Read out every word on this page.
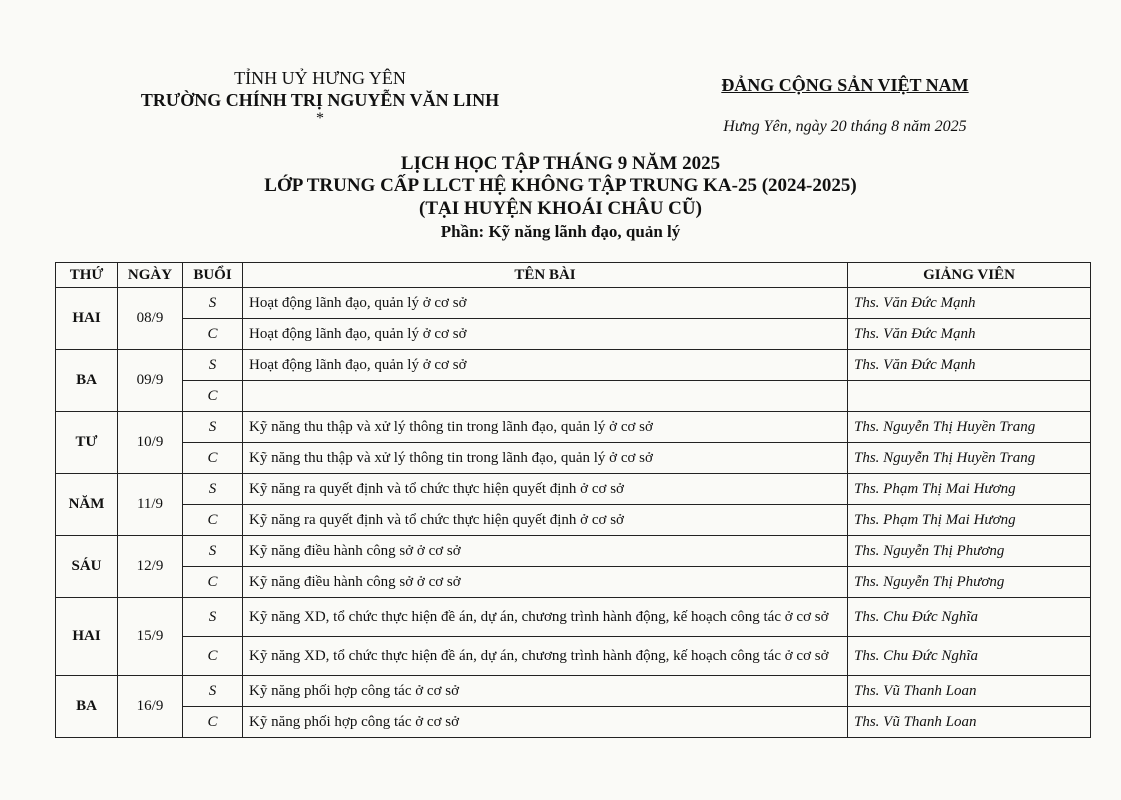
TỈNH UỶ HƯNG YÊN
TRƯỜNG CHÍNH TRỊ NGUYỄN VĂN LINH
*
ĐẢNG CỘNG SẢN VIỆT NAM
Hưng Yên, ngày 20 tháng 8 năm 2025
LỊCH HỌC TẬP THÁNG 9 NĂM 2025
LỚP TRUNG CẤP LLCT HỆ KHÔNG TẬP TRUNG KA-25 (2024-2025)
(TẠI HUYỆN KHOÁI CHÂU CŨ)
Phần: Kỹ năng lãnh đạo, quản lý
THỨ	NGÀY	BUỔI	TÊN BÀI	GIẢNG VIÊN
HAI	08/9	S	Hoạt động lãnh đạo, quản lý ở cơ sở	Ths. Văn Đức Mạnh
		C	Hoạt động lãnh đạo, quản lý ở cơ sở	Ths. Văn Đức Mạnh
BA	09/9	S	Hoạt động lãnh đạo, quản lý ở cơ sở	Ths. Văn Đức Mạnh
		C		
TƯ	10/9	S	Kỹ năng thu thập và xử lý thông tin trong lãnh đạo, quản lý ở cơ sở	Ths. Nguyễn Thị Huyền Trang
		C	Kỹ năng thu thập và xử lý thông tin trong lãnh đạo, quản lý ở cơ sở	Ths. Nguyễn Thị Huyền Trang
NĂM	11/9	S	Kỹ năng ra quyết định và tổ chức thực hiện quyết định ở cơ sở	Ths. Phạm Thị Mai Hương
		C	Kỹ năng ra quyết định và tổ chức thực hiện quyết định ở cơ sở	Ths. Phạm Thị Mai Hương
SÁU	12/9	S	Kỹ năng điều hành công sở ở cơ sở	Ths. Nguyễn Thị Phương
		C	Kỹ năng điều hành công sở ở cơ sở	Ths. Nguyễn Thị Phương
HAI	15/9	S	Kỹ năng XD, tổ chức thực hiện đề án, dự án, chương trình hành động, kế hoạch công tác ở cơ sở	Ths. Chu Đức Nghĩa
		C	Kỹ năng XD, tổ chức thực hiện đề án, dự án, chương trình hành động, kế hoạch công tác ở cơ sở	Ths. Chu Đức Nghĩa
BA	16/9	S	Kỹ năng phối hợp công tác ở cơ sở	Ths. Vũ Thanh Loan
		C	Kỹ năng phối hợp công tác ở cơ sở	Ths. Vũ Thanh Loan
